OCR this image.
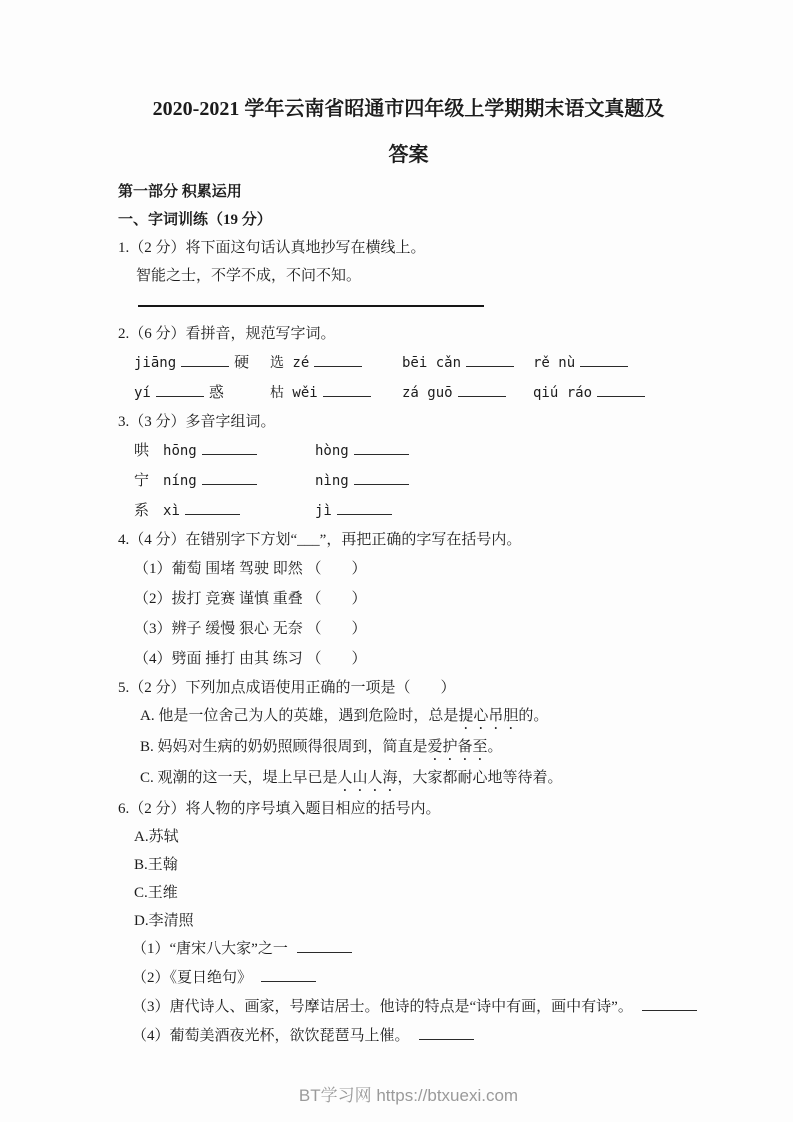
2020-2021 学年云南省昭通市四年级上学期期末语文真题及
答案

第一部分 积累运用

一、字词训练（19 分）

1.（2 分）将下面这句话认真地抄写在横线上。

智能之士，不学不成，不问不知。

2.（6 分）看拼音，规范写字词。

jiāng	硬	选 zé	bēi cǎn	rě nù
yí	惑	枯 wěi	zá guō	qiú ráo

3.（3 分）多音字组词。

哄 hōng	hòng
宁 níng	nìng
系 xì	jì

4.（4 分）在错别字下方划“___”，再把正确的字写在括号内。

（1）葡萄 围堵 驾驶 即然 （　　）

（2）拔打 竞赛 谨慎 重叠 （　　）

（3）辨子 缓慢 狠心 无奈 （　　）

（4）劈面 捶打 由其 练习 （　　）

5.（2 分）下列加点成语使用正确的一项是（　　）

A. 他是一位舍己为人的英雄，遇到危险时，总是提心吊胆的。

B. 妈妈对生病的奶奶照顾得很周到，简直是爱护备至。

C. 观潮的这一天，堤上早已是人山人海，大家都耐心地等待着。

6.（2 分）将人物的序号填入题目相应的括号内。

A.苏轼

B.王翰

C.王维

D.李清照

（1）“唐宋八大家”之一

（2）《夏日绝句》

（3）唐代诗人、画家，号摩诘居士。他诗的特点是“诗中有画，画中有诗”。

（4）葡萄美酒夜光杯，欲饮琵琶马上催。

BT学习网 https://btxuexi.com
